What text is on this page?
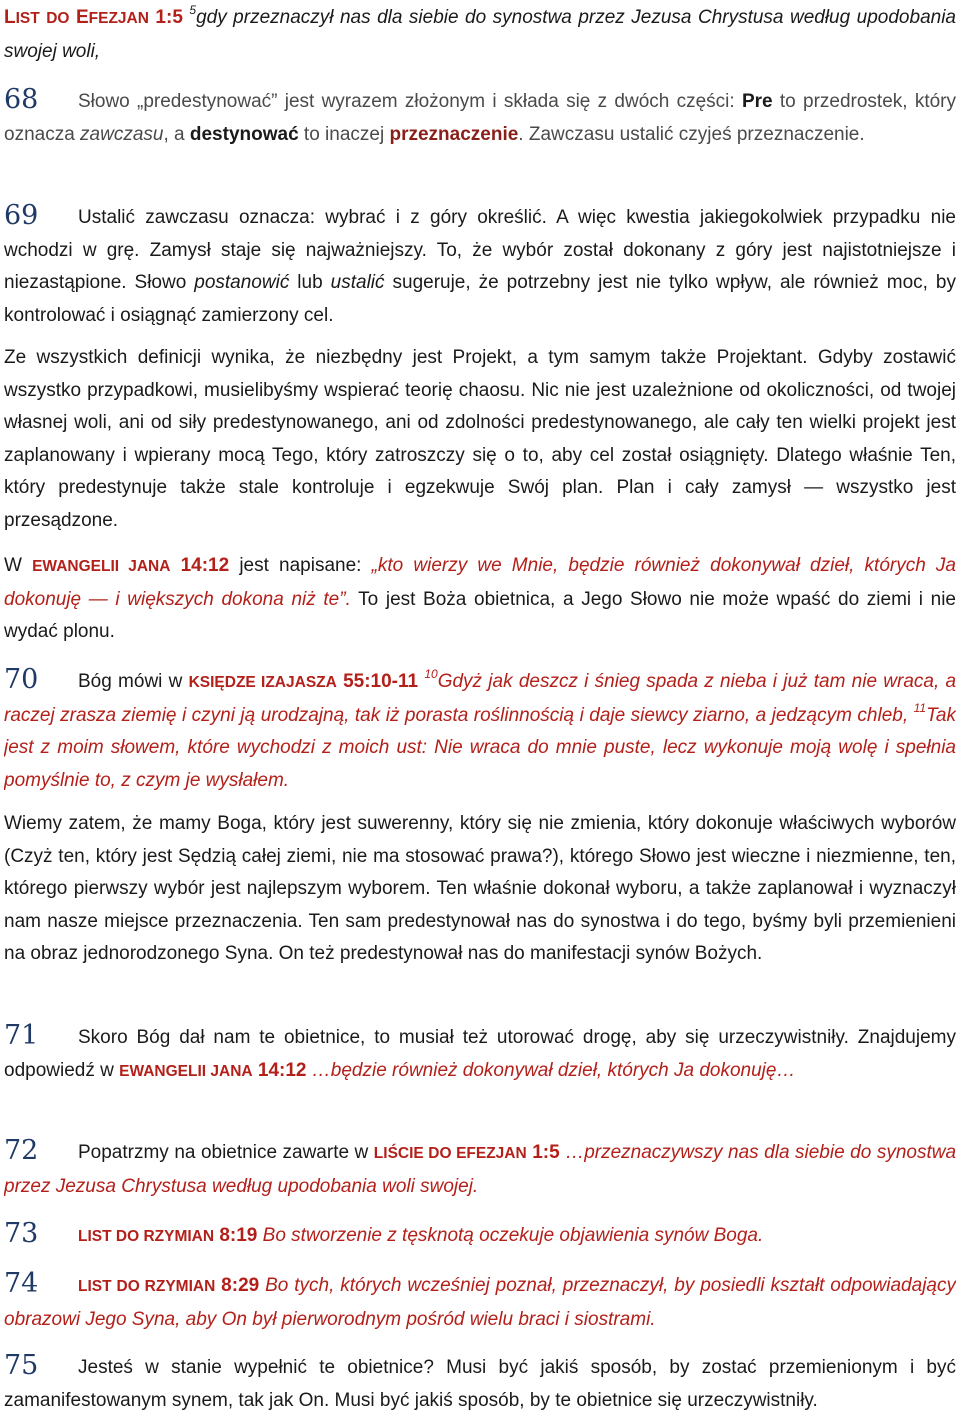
LIST DO EFEZJAN 1:5 $^5$gdy przeznaczył nas dla siebie do synostwa przez Jezusa Chrystusa według upodobania swojej woli,

68 Słowo „predestynować” jest wyrazem złożonym i składa się z dwóch części: Pre to przedrostek, który oznacza zawczasu, a destynować to inaczej przeznaczenie. Zawczasu ustalić czyjeś przeznaczenie.

69 Ustalić zawczasu oznacza: wybrać i z góry określić. A więc kwestia jakiegokolwiek przypadku nie wchodzi w grę. Zamysł staje się najważniejszy. To, że wybór został dokonany z góry jest najistotniejsze i niezastąpione. Słowo postanowić lub ustalić sugeruje, że potrzebny jest nie tylko wpływ, ale również moc, by kontrolować i osiągnąć zamierzony cel.

Ze wszystkich definicji wynika, że niezbędny jest Projekt, a tym samym także Projektant. Gdyby zostawić wszystko przypadkowi, musielibyśmy wspierać teorię chaosu. Nic nie jest uzależnione od okoliczności, od twojej własnej woli, ani od siły predestynowanego, ani od zdolności predestynowanego, ale cały ten wielki projekt jest zaplanowany i wpierany mocą Tego, który zatroszczy się o to, aby cel został osiągnięty. Dlatego właśnie Ten, który predestynuje także stale kontroluje i egzekwuje Swój plan. Plan i cały zamysł — wszystko jest przesądzone.

W EWANGELII JANA 14:12 jest napisane: „kto wierzy we Mnie, będzie również dokonywał dzieł, których Ja dokonuję — i większych dokona niż te”. To jest Boża obietnica, a Jego Słowo nie może wpaść do ziemi i nie wydać plonu.

70 Bóg mówi w KSIĘDZE IZAJASZA 55:10-11 $^{10}$Gdyż jak deszcz i śnieg spada z nieba i już tam nie wraca, a raczej zrasza ziemię i czyni ją urodzajną, tak iż porasta roślinnością i daje siewcy ziarno, a jedzącym chleb, $^{11}$Tak jest z moim słowem, które wychodzi z moich ust: Nie wraca do mnie puste, lecz wykonuje moją wolę i spełnia pomyślnie to, z czym je wysłałem.

Wiemy zatem, że mamy Boga, który jest suwerenny, który się nie zmienia, który dokonuje właściwych wyborów (Czyż ten, który jest Sędzią całej ziemi, nie ma stosować prawa?), którego Słowo jest wieczne i niezmienne, ten, którego pierwszy wybór jest najlepszym wyborem. Ten właśnie dokonał wyboru, a także zaplanował i wyznaczył nam nasze miejsce przeznaczenia. Ten sam predestynował nas do synostwa i do tego, byśmy byli przemienieni na obraz jednorodzonego Syna. On też predestynował nas do manifestacji synów Bożych.

71 Skoro Bóg dał nam te obietnice, to musiał też utorować drogę, aby się urzeczywistniły. Znajdujemy odpowiedź w EWANGELII JANA 14:12 …będzie również dokonywał dzieł, których Ja dokonuję…

72 Popatrzmy na obietnice zawarte w LIŚCIE DO EFEZJAN 1:5 …przeznaczywszy nas dla siebie do synostwa przez Jezusa Chrystusa według upodobania woli swojej.

73	LIST DO RZYMIAN 8:19 Bo stworzenie z tęsknotą oczekuje objawienia synów Boga.

74	LIST DO RZYMIAN 8:29 Bo tych, których wcześniej poznał, przeznaczył, by posiedli kształt odpowiadający obrazowi Jego Syna, aby On był pierworodnym pośród wielu braci i siostrami.

75 Jesteś w stanie wypełnić te obietnice? Musi być jakiś sposób, by zostać przemienionym i być zamanifestowanym synem, tak jak On. Musi być jakiś sposób, by te obietnice się urzeczywistniły.
